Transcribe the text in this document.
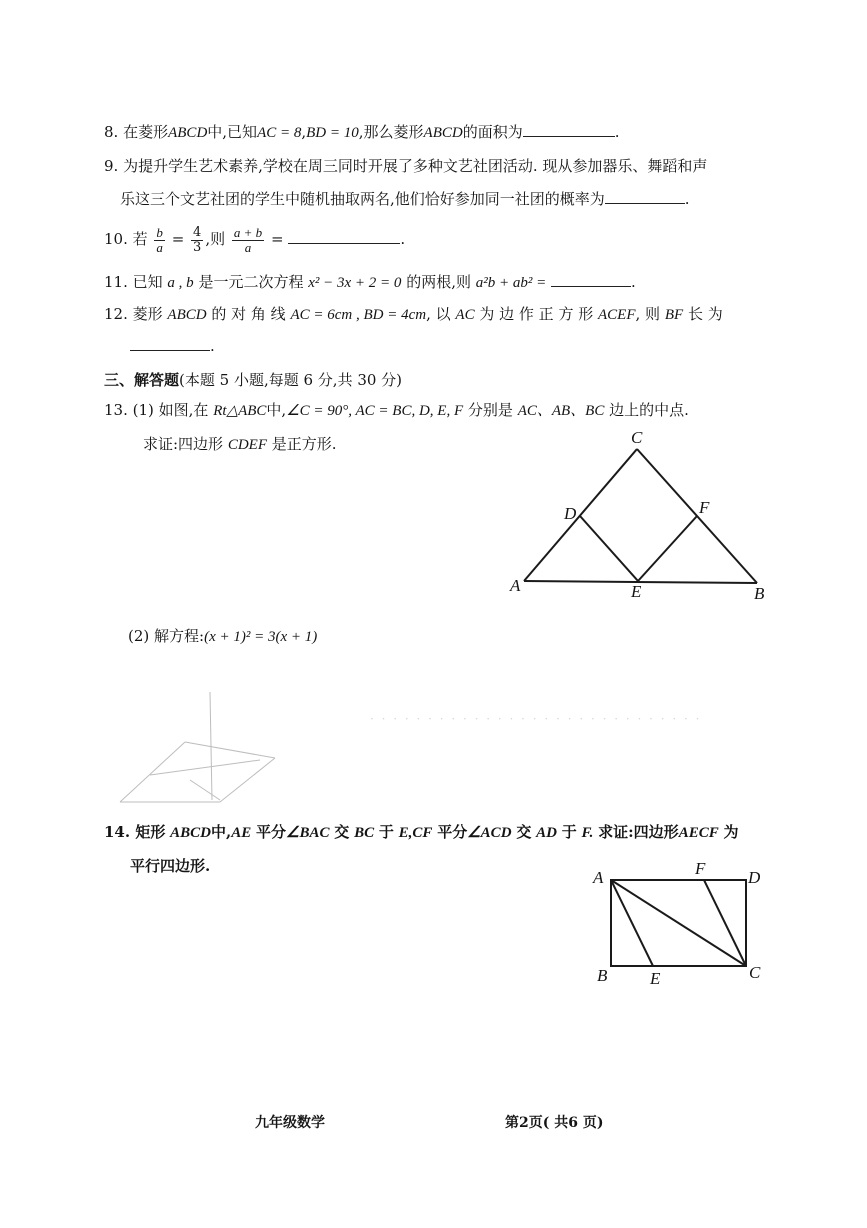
8. 在菱形ABCD中,已知AC = 8,BD = 10,那么菱形ABCD的面积为	.
9. 为提升学生艺术素养,学校在周三同时开展了多种文艺社团活动. 现从参加器乐、舞蹈和声
乐这三个文艺社团的学生中随机抽取两名,他们恰好参加同一社团的概率为	.
10. 若 $\frac{b}{a} = \frac{4}{3}$ ,则 $\frac{a + b}{a}$ =	.
11. 已知 a , b 是一元二次方程 x² − 3x + 2 = 0 的两根,则 a²b + ab² =	.
12. 菱形 ABCD 的 对 角 线 AC = 6cm , BD = 4cm, 以 AC 为 边 作 正 方 形 ACEF, 则 BF 长 为
.
三、解答题(本题 5 小题,每题 6 分,共 30 分)
13. (1) 如图,在 Rt△ABC中,∠C = 90°, AC = BC, D, E, F 分别是 AC、AB、BC 边上的中点.
求证:四边形 CDEF 是正方形.	C
D	F
A	E	B
(2) 解方程:(x + 1)² = 3(x + 1)
· · · · · · · · · · · · · · · · · · · · · · · · · · · · ·
14. 矩形 ABCD中,AE 平分∠BAC 交 BC 于 E,CF 平分∠ACD 交 AD 于 F. 求证:四边形AECF 为
平行四边形.
A	F	D
B	E	C
九年级数学	第2页( 共6 页)
